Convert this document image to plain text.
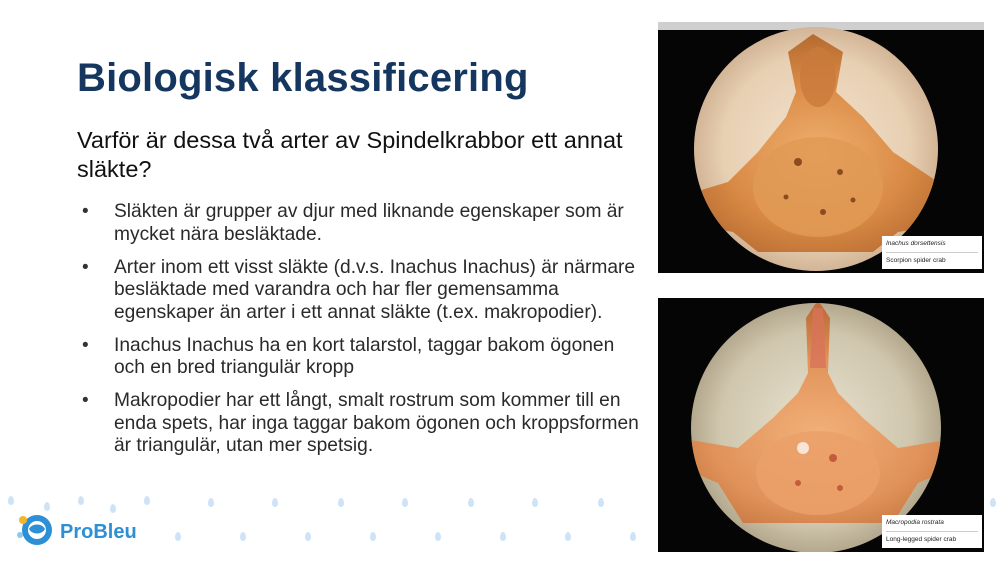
Biologisk klassificering
Varför är dessa två arter av Spindelkrabbor ett annat släkte?
• Släkten är grupper av djur med liknande egenskaper som är mycket nära besläktade.
• Arter inom ett visst släkte (d.v.s. Inachus Inachus) är närmare besläktade med varandra och har fler gemensamma egenskaper än arter i ett annat släkte (t.ex. makropodier).
• Inachus Inachus ha en kort talarstol, taggar bakom ögonen och en bred triangulär kropp
• Makropodier har ett långt, smalt rostrum som kommer till en enda spets, har inga taggar bakom ögonen och kroppsformen är triangulär, utan mer spetsig.
Inachus dorsettensis
Scorpion spider crab
Macropodia rostrata
Long-legged spider crab
ProBleu
